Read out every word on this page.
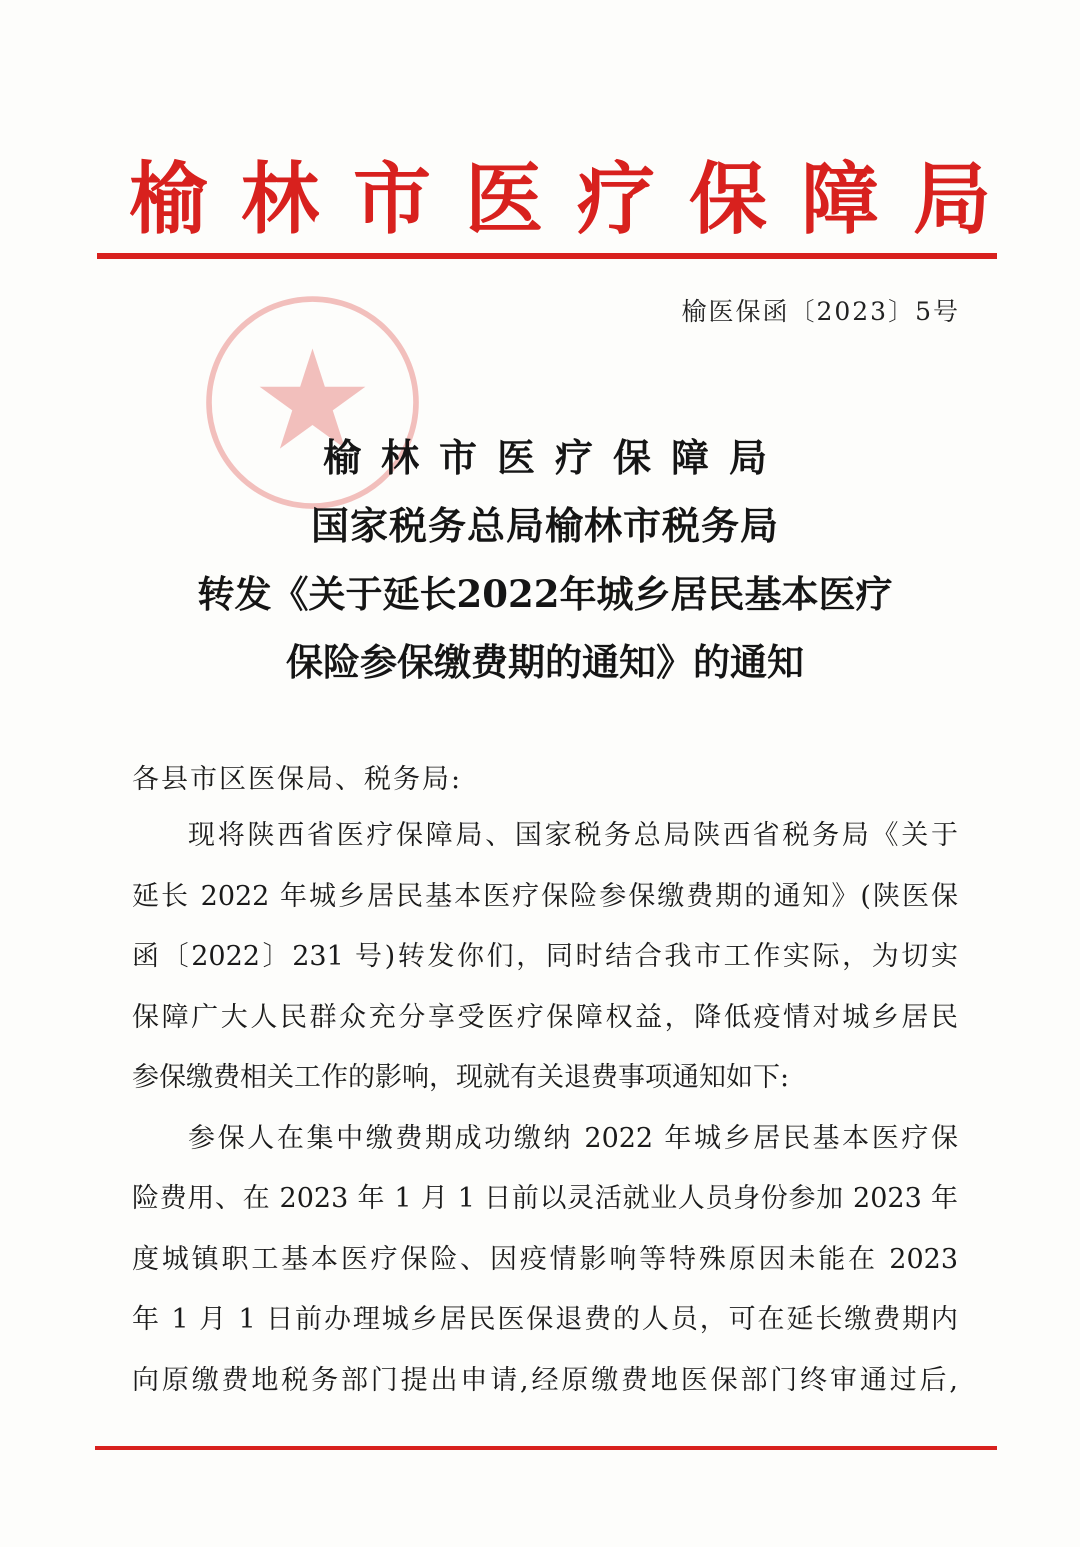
榆林市医疗保障局
榆医保函〔2023〕5号
榆林市医疗保障局
国家税务总局榆林市税务局
转发《关于延长2022年城乡居民基本医疗
保险参保缴费期的通知》的通知
各县市区医保局、税务局:
现将陕西省医疗保障局、国家税务总局陕西省税务局《关于
延长 2022 年城乡居民基本医疗保险参保缴费期的通知》(陕医保
函〔2022〕231 号)转发你们，同时结合我市工作实际，为切实
保障广大人民群众充分享受医疗保障权益，降低疫情对城乡居民
参保缴费相关工作的影响，现就有关退费事项通知如下:
参保人在集中缴费期成功缴纳 2022 年城乡居民基本医疗保
险费用、在 2023 年 1 月 1 日前以灵活就业人员身份参加 2023 年
度城镇职工基本医疗保险、因疫情影响等特殊原因未能在 2023
年 1 月 1 日前办理城乡居民医保退费的人员，可在延长缴费期内
向原缴费地税务部门提出申请,经原缴费地医保部门终审通过后,
